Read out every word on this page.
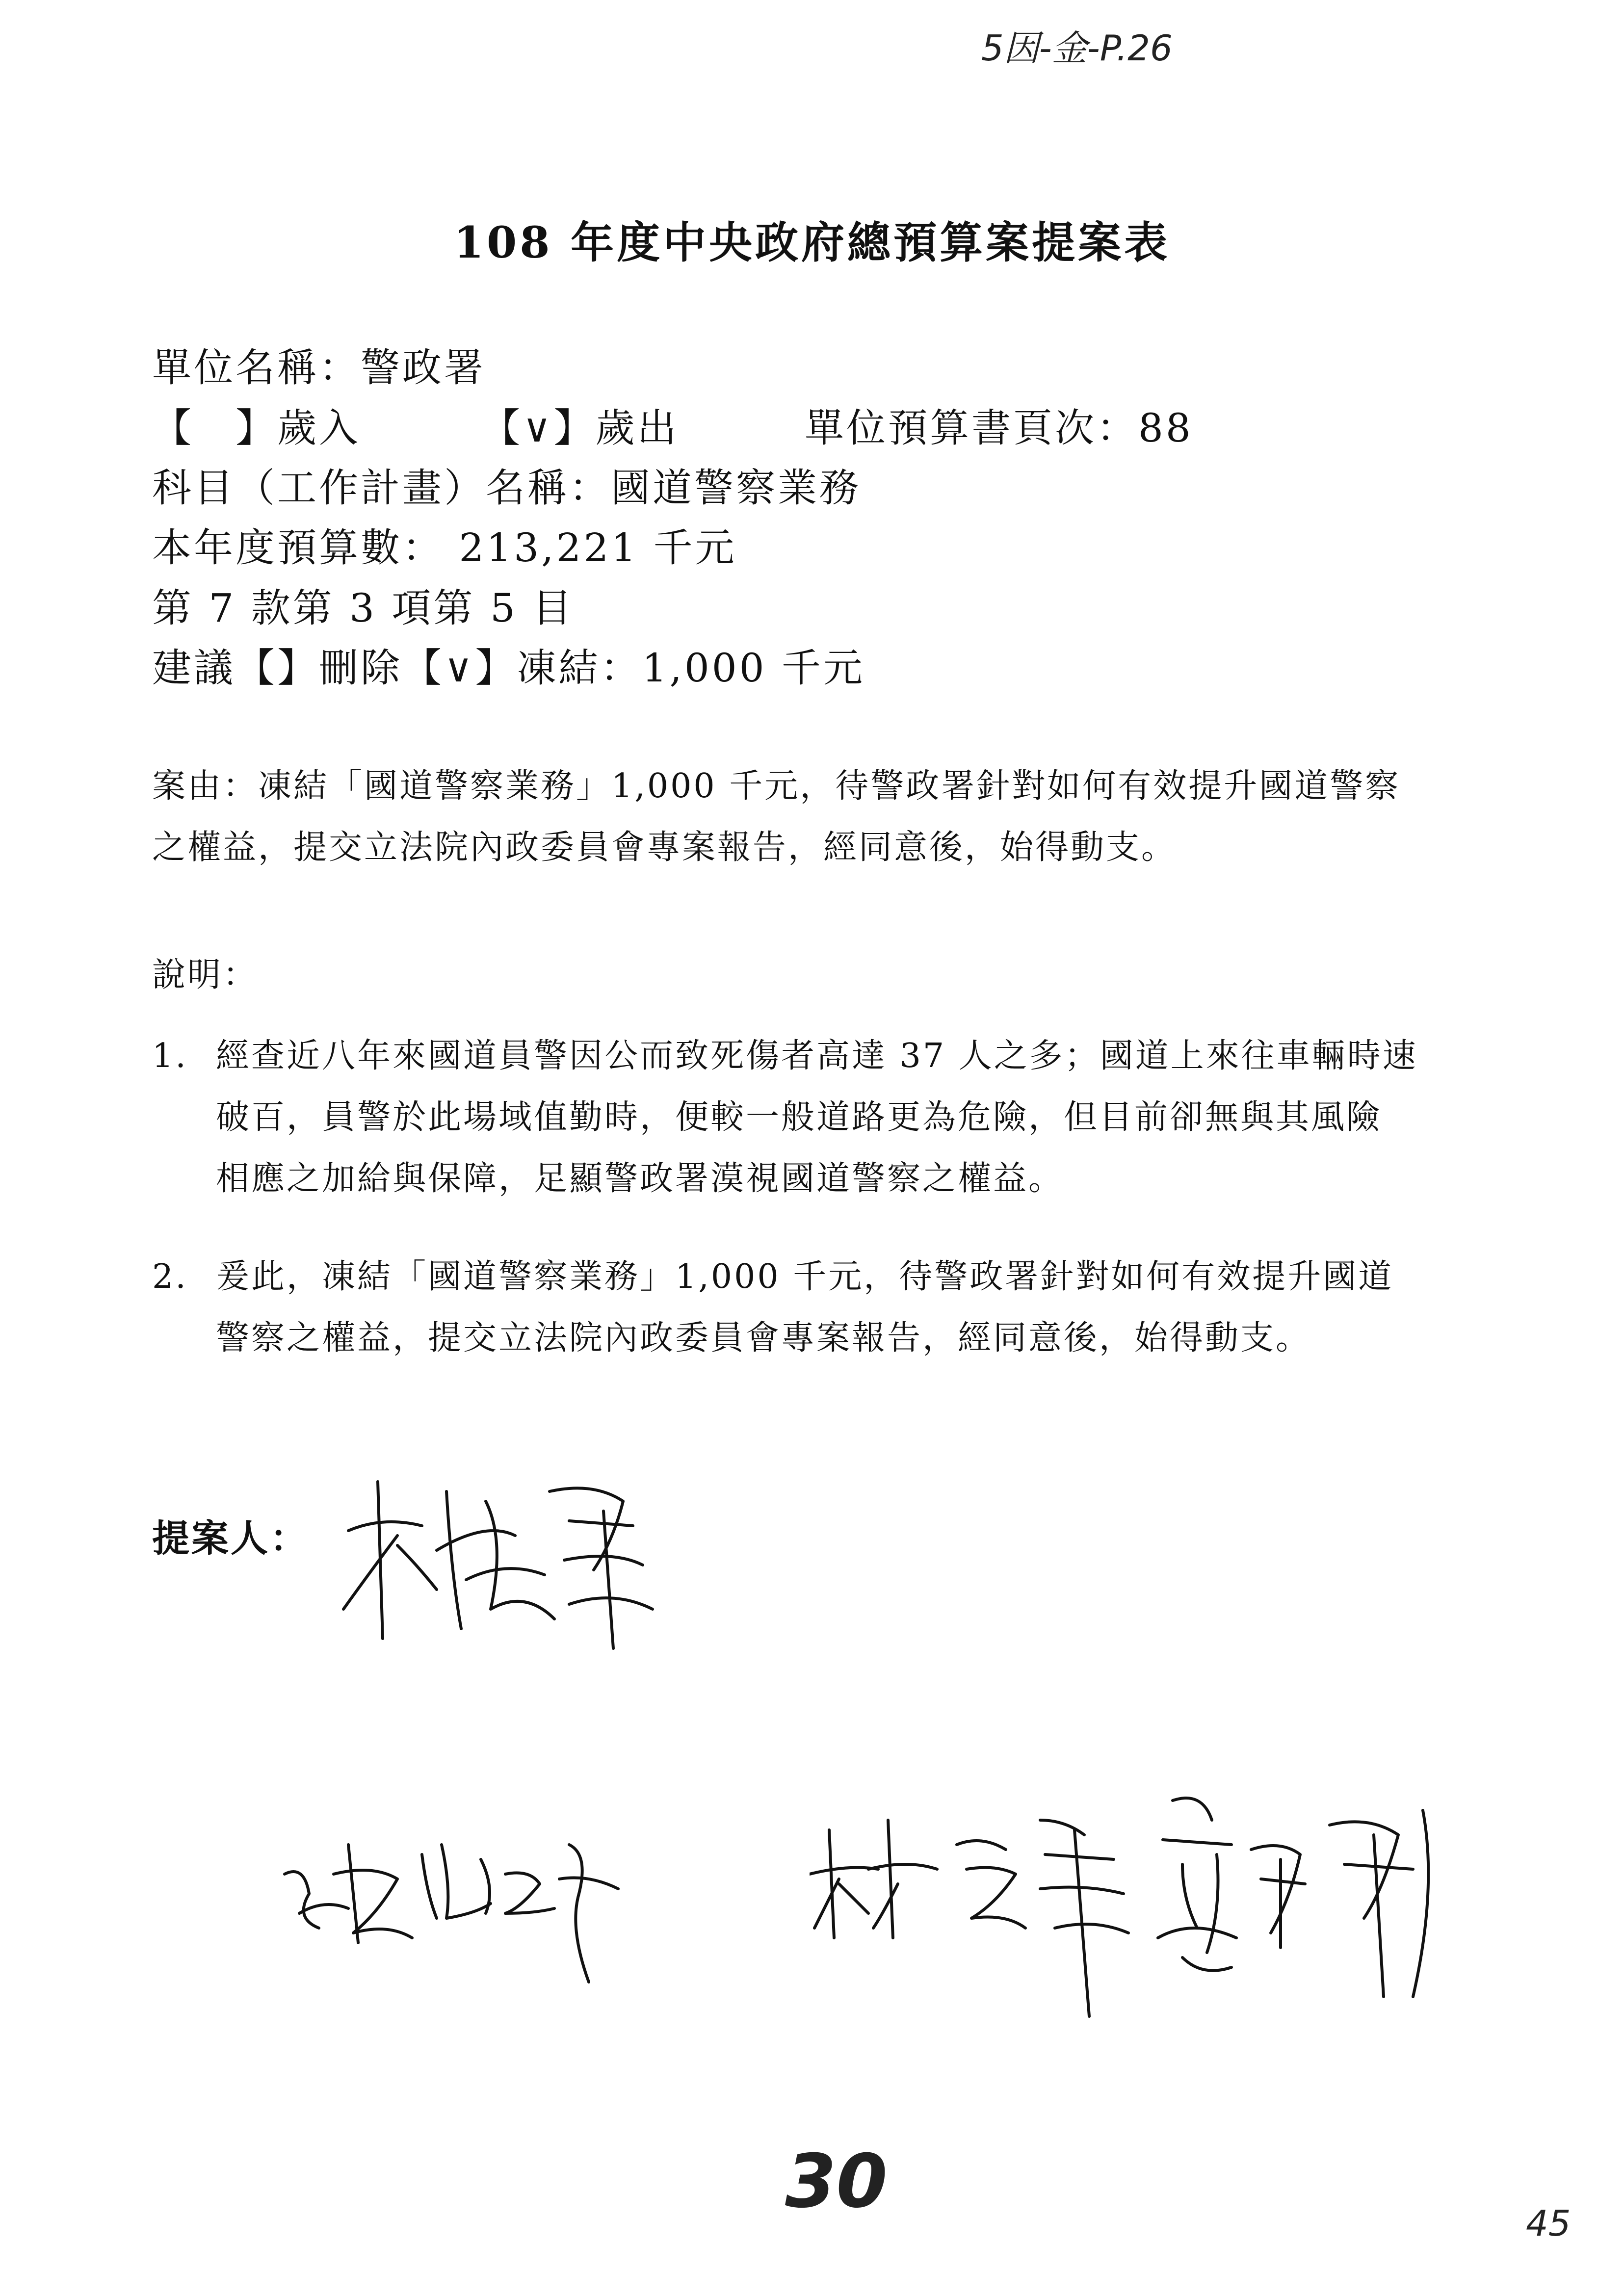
5因-金-P.26
108 年度中央政府總預算案提案表
單位名稱：警政署
【　】歲入	【∨】歲出	單位預算書頁次：88
科目（工作計畫）名稱：國道警察業務
本年度預算數： 213,221 千元
第 7 款第 3 項第 5 目
建議【】刪除【∨】凍結：1,000 千元
案由：凍結「國道警察業務」1,000 千元，待警政署針對如何有效提升國道警察
之權益，提交立法院內政委員會專案報告，經同意後，始得動支。
說明：
1. 經查近八年來國道員警因公而致死傷者高達 37 人之多；國道上來往車輛時速
破百，員警於此場域值勤時，便較一般道路更為危險，但目前卻無與其風險
相應之加給與保障，足顯警政署漠視國道警察之權益。
2. 爰此，凍結「國道警察業務」1,000 千元，待警政署針對如何有效提升國道
警察之權益，提交立法院內政委員會專案報告，經同意後，始得動支。
提案人：
30	45
